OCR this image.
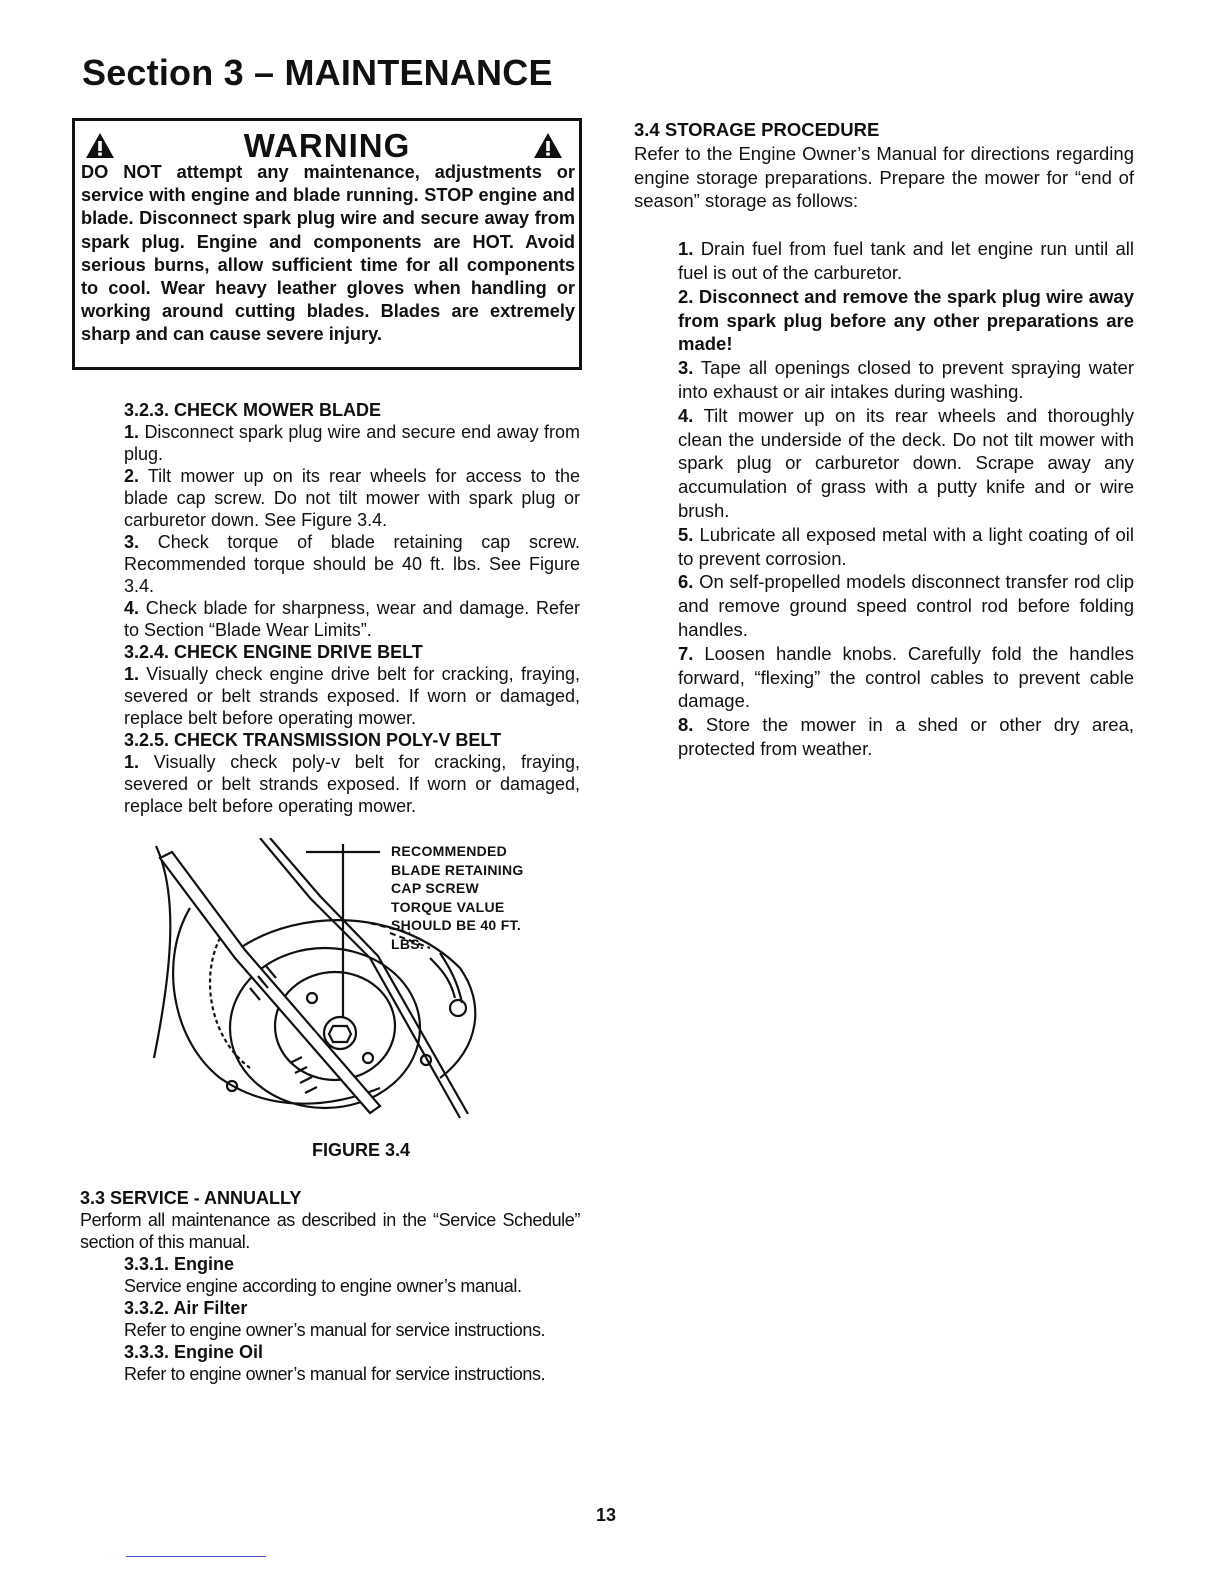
Section 3 – MAINTENANCE
WARNING
DO NOT attempt any maintenance, adjustments or service with engine and blade running. STOP engine and blade. Disconnect spark plug wire and secure away from spark plug. Engine and components are HOT. Avoid serious burns, allow sufficient time for all components to cool. Wear heavy leather gloves when handling or working around cutting blades. Blades are extremely sharp and can cause severe injury.
3.2.3. CHECK MOWER BLADE
1. Disconnect spark plug wire and secure end away from plug.
2. Tilt mower up on its rear wheels for access to the blade cap screw. Do not tilt mower with spark plug or carburetor down. See Figure 3.4.
3. Check torque of blade retaining cap screw. Recommended torque should be 40 ft. lbs. See Figure 3.4.
4. Check blade for sharpness, wear and damage. Refer to Section “Blade Wear Limits”.
3.2.4. CHECK ENGINE DRIVE BELT
1. Visually check engine drive belt for cracking, fraying, severed or belt strands exposed. If worn or damaged, replace belt before operating mower.
3.2.5. CHECK TRANSMISSION POLY-V BELT
1. Visually check poly-v belt for cracking, fraying, severed or belt strands exposed. If worn or damaged, replace belt before operating mower.
RECOMMENDED
BLADE RETAINING
CAP SCREW
TORQUE VALUE
SHOULD BE 40 FT.
LBS.
FIGURE 3.4
3.3 SERVICE - ANNUALLY
Perform all maintenance as described in the “Service Schedule” section of this manual.
3.3.1. Engine
Service engine according to engine owner’s manual.
3.3.2. Air Filter
Refer to engine owner’s manual for service instructions.
3.3.3. Engine Oil
Refer to engine owner’s manual for service instructions.
3.4 STORAGE PROCEDURE
Refer to the Engine Owner’s Manual for directions regarding engine storage preparations. Prepare the mower for “end of season” storage as follows:
1. Drain fuel from fuel tank and let engine run until all fuel is out of the carburetor.
2. Disconnect and remove the spark plug wire away from spark plug before any other preparations are made!
3. Tape all openings closed to prevent spraying water into exhaust or air intakes during washing.
4. Tilt mower up on its rear wheels and thoroughly clean the underside of the deck. Do not tilt mower with spark plug or carburetor down. Scrape away any accumulation of grass with a putty knife and or wire brush.
5. Lubricate all exposed metal with a light coating of oil to prevent corrosion.
6. On self-propelled models disconnect transfer rod clip and remove ground speed control rod before folding handles.
7. Loosen handle knobs. Carefully fold the handles forward, “flexing” the control cables to prevent cable damage.
8. Store the mower in a shed or other dry area, protected from weather.
13
